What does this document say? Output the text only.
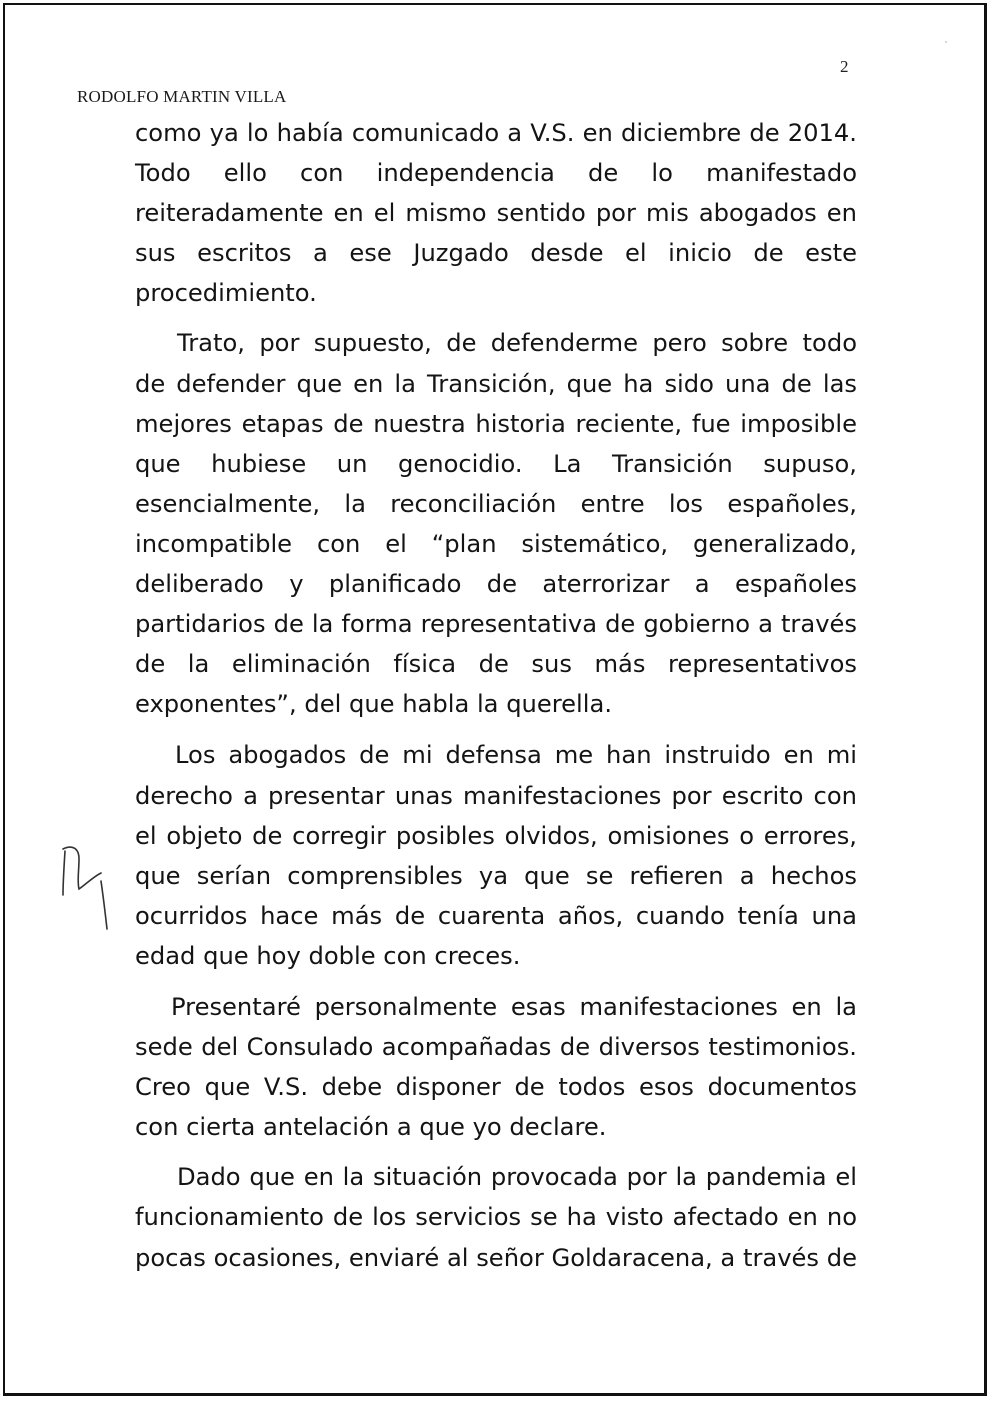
2

RODOLFO MARTIN VILLA

como ya lo había comunicado a V.S. en diciembre de 2014.
Todo ello con independencia de lo manifestado
reiteradamente en el mismo sentido por mis abogados en
sus escritos a ese Juzgado desde el inicio de este
procedimiento.
Trato, por supuesto, de defenderme pero sobre todo
de defender que en la Transición, que ha sido una de las
mejores etapas de nuestra historia reciente, fue imposible
que hubiese un genocidio. La Transición supuso,
esencialmente, la reconciliación entre los españoles,
incompatible con el “plan sistemático, generalizado,
deliberado y planificado de aterrorizar a españoles
partidarios de la forma representativa de gobierno a través
de la eliminación física de sus más representativos
exponentes”, del que habla la querella.
Los abogados de mi defensa me han instruido en mi
derecho a presentar unas manifestaciones por escrito con
el objeto de corregir posibles olvidos, omisiones o errores,
que serían comprensibles ya que se refieren a hechos
ocurridos hace más de cuarenta años, cuando tenía una
edad que hoy doble con creces.
Presentaré personalmente esas manifestaciones en la
sede del Consulado acompañadas de diversos testimonios.
Creo que V.S. debe disponer de todos esos documentos
con cierta antelación a que yo declare.
Dado que en la situación provocada por la pandemia el
funcionamiento de los servicios se ha visto afectado en no
pocas ocasiones, enviaré al señor Goldaracena, a través de
